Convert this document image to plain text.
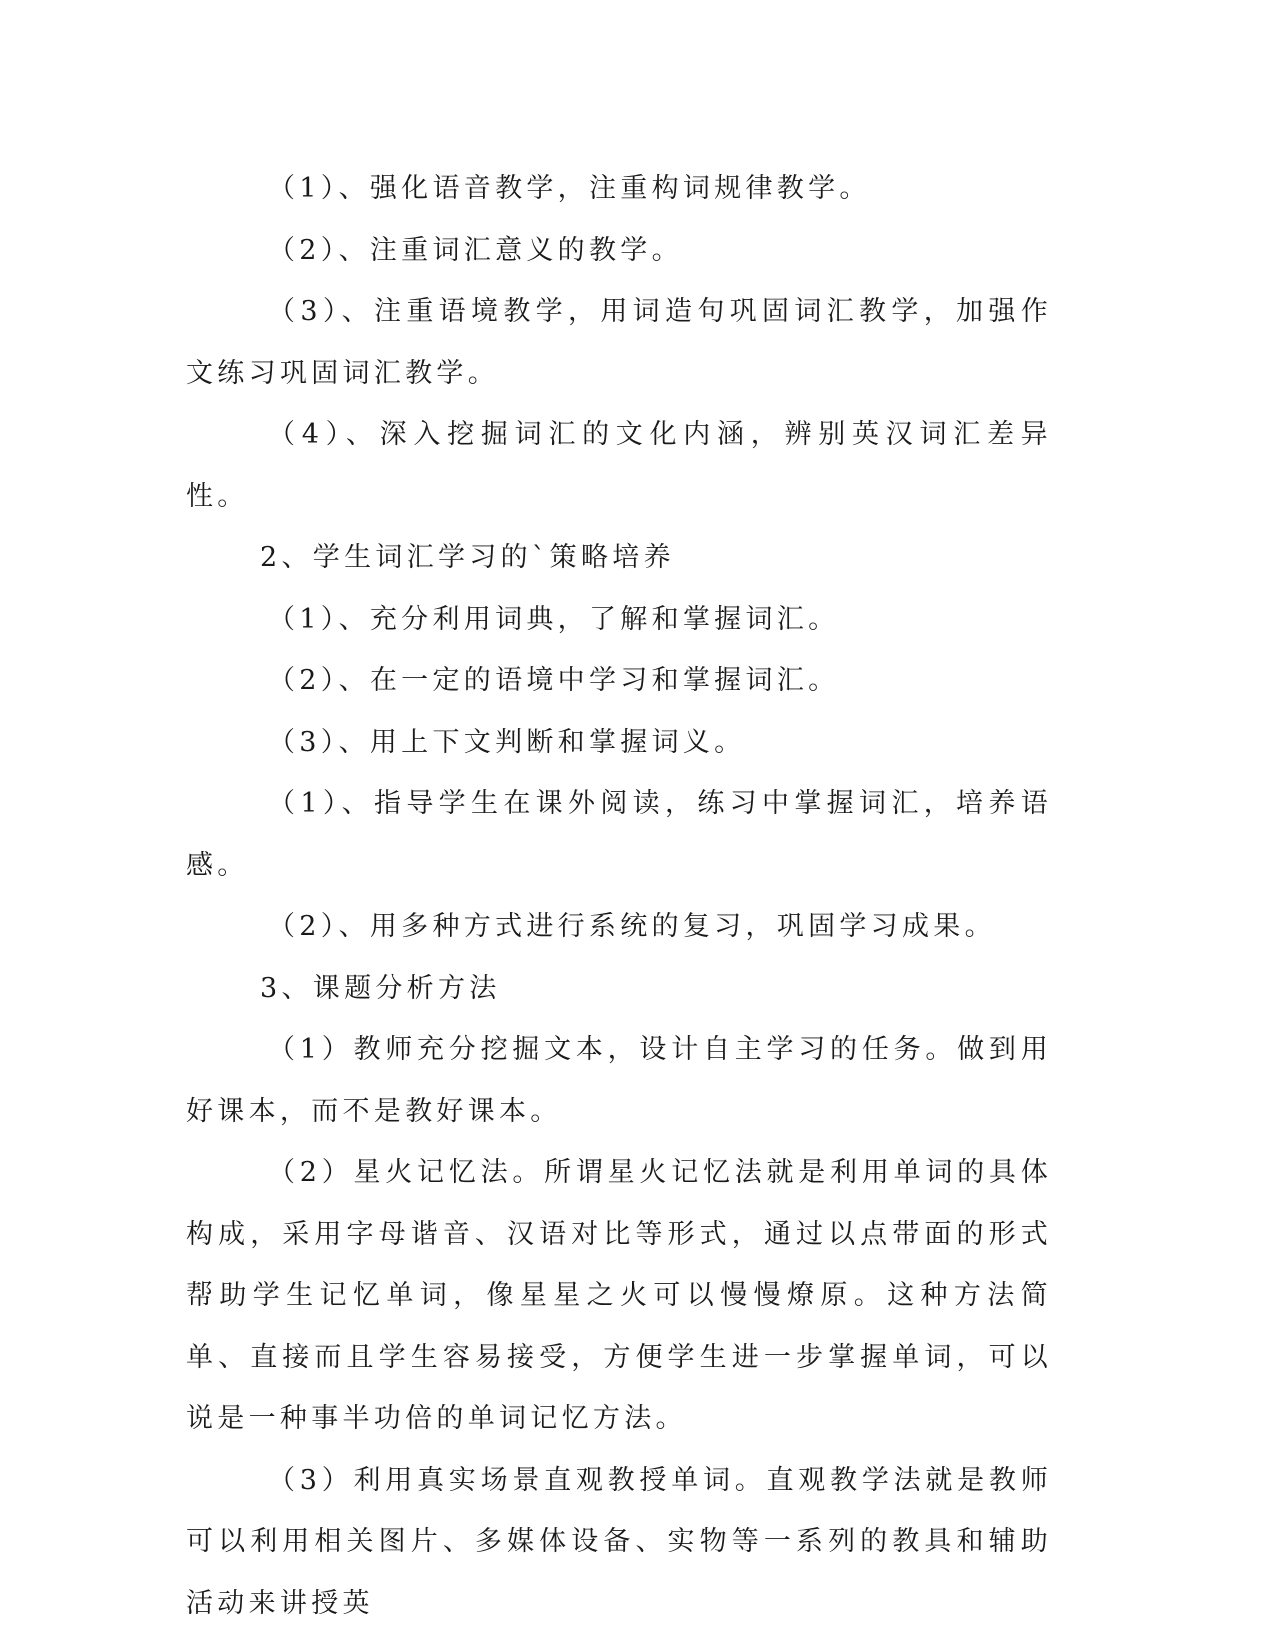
（1）、强化语音教学，注重构词规律教学。

（2）、注重词汇意义的教学。

（3）、注重语境教学，用词造句巩固词汇教学，加强作文练习巩固词汇教学。

（4）、深入挖掘词汇的文化内涵，辨别英汉词汇差异性。

2、学生词汇学习的`策略培养

（1）、充分利用词典，了解和掌握词汇。

（2）、在一定的语境中学习和掌握词汇。

（3）、用上下文判断和掌握词义。

（1）、指导学生在课外阅读，练习中掌握词汇，培养语感。

（2）、用多种方式进行系统的复习，巩固学习成果。

3、课题分析方法

（1）教师充分挖掘文本，设计自主学习的任务。做到用好课本，而不是教好课本。

（2）星火记忆法。所谓星火记忆法就是利用单词的具体构成，采用字母谐音、汉语对比等形式，通过以点带面的形式帮助学生记忆单词，像星星之火可以慢慢燎原。这种方法简单、直接而且学生容易接受，方便学生进一步掌握单词，可以说是一种事半功倍的单词记忆方法。

（3）利用真实场景直观教授单词。直观教学法就是教师可以利用相关图片、多媒体设备、实物等一系列的教具和辅助活动来讲授英
